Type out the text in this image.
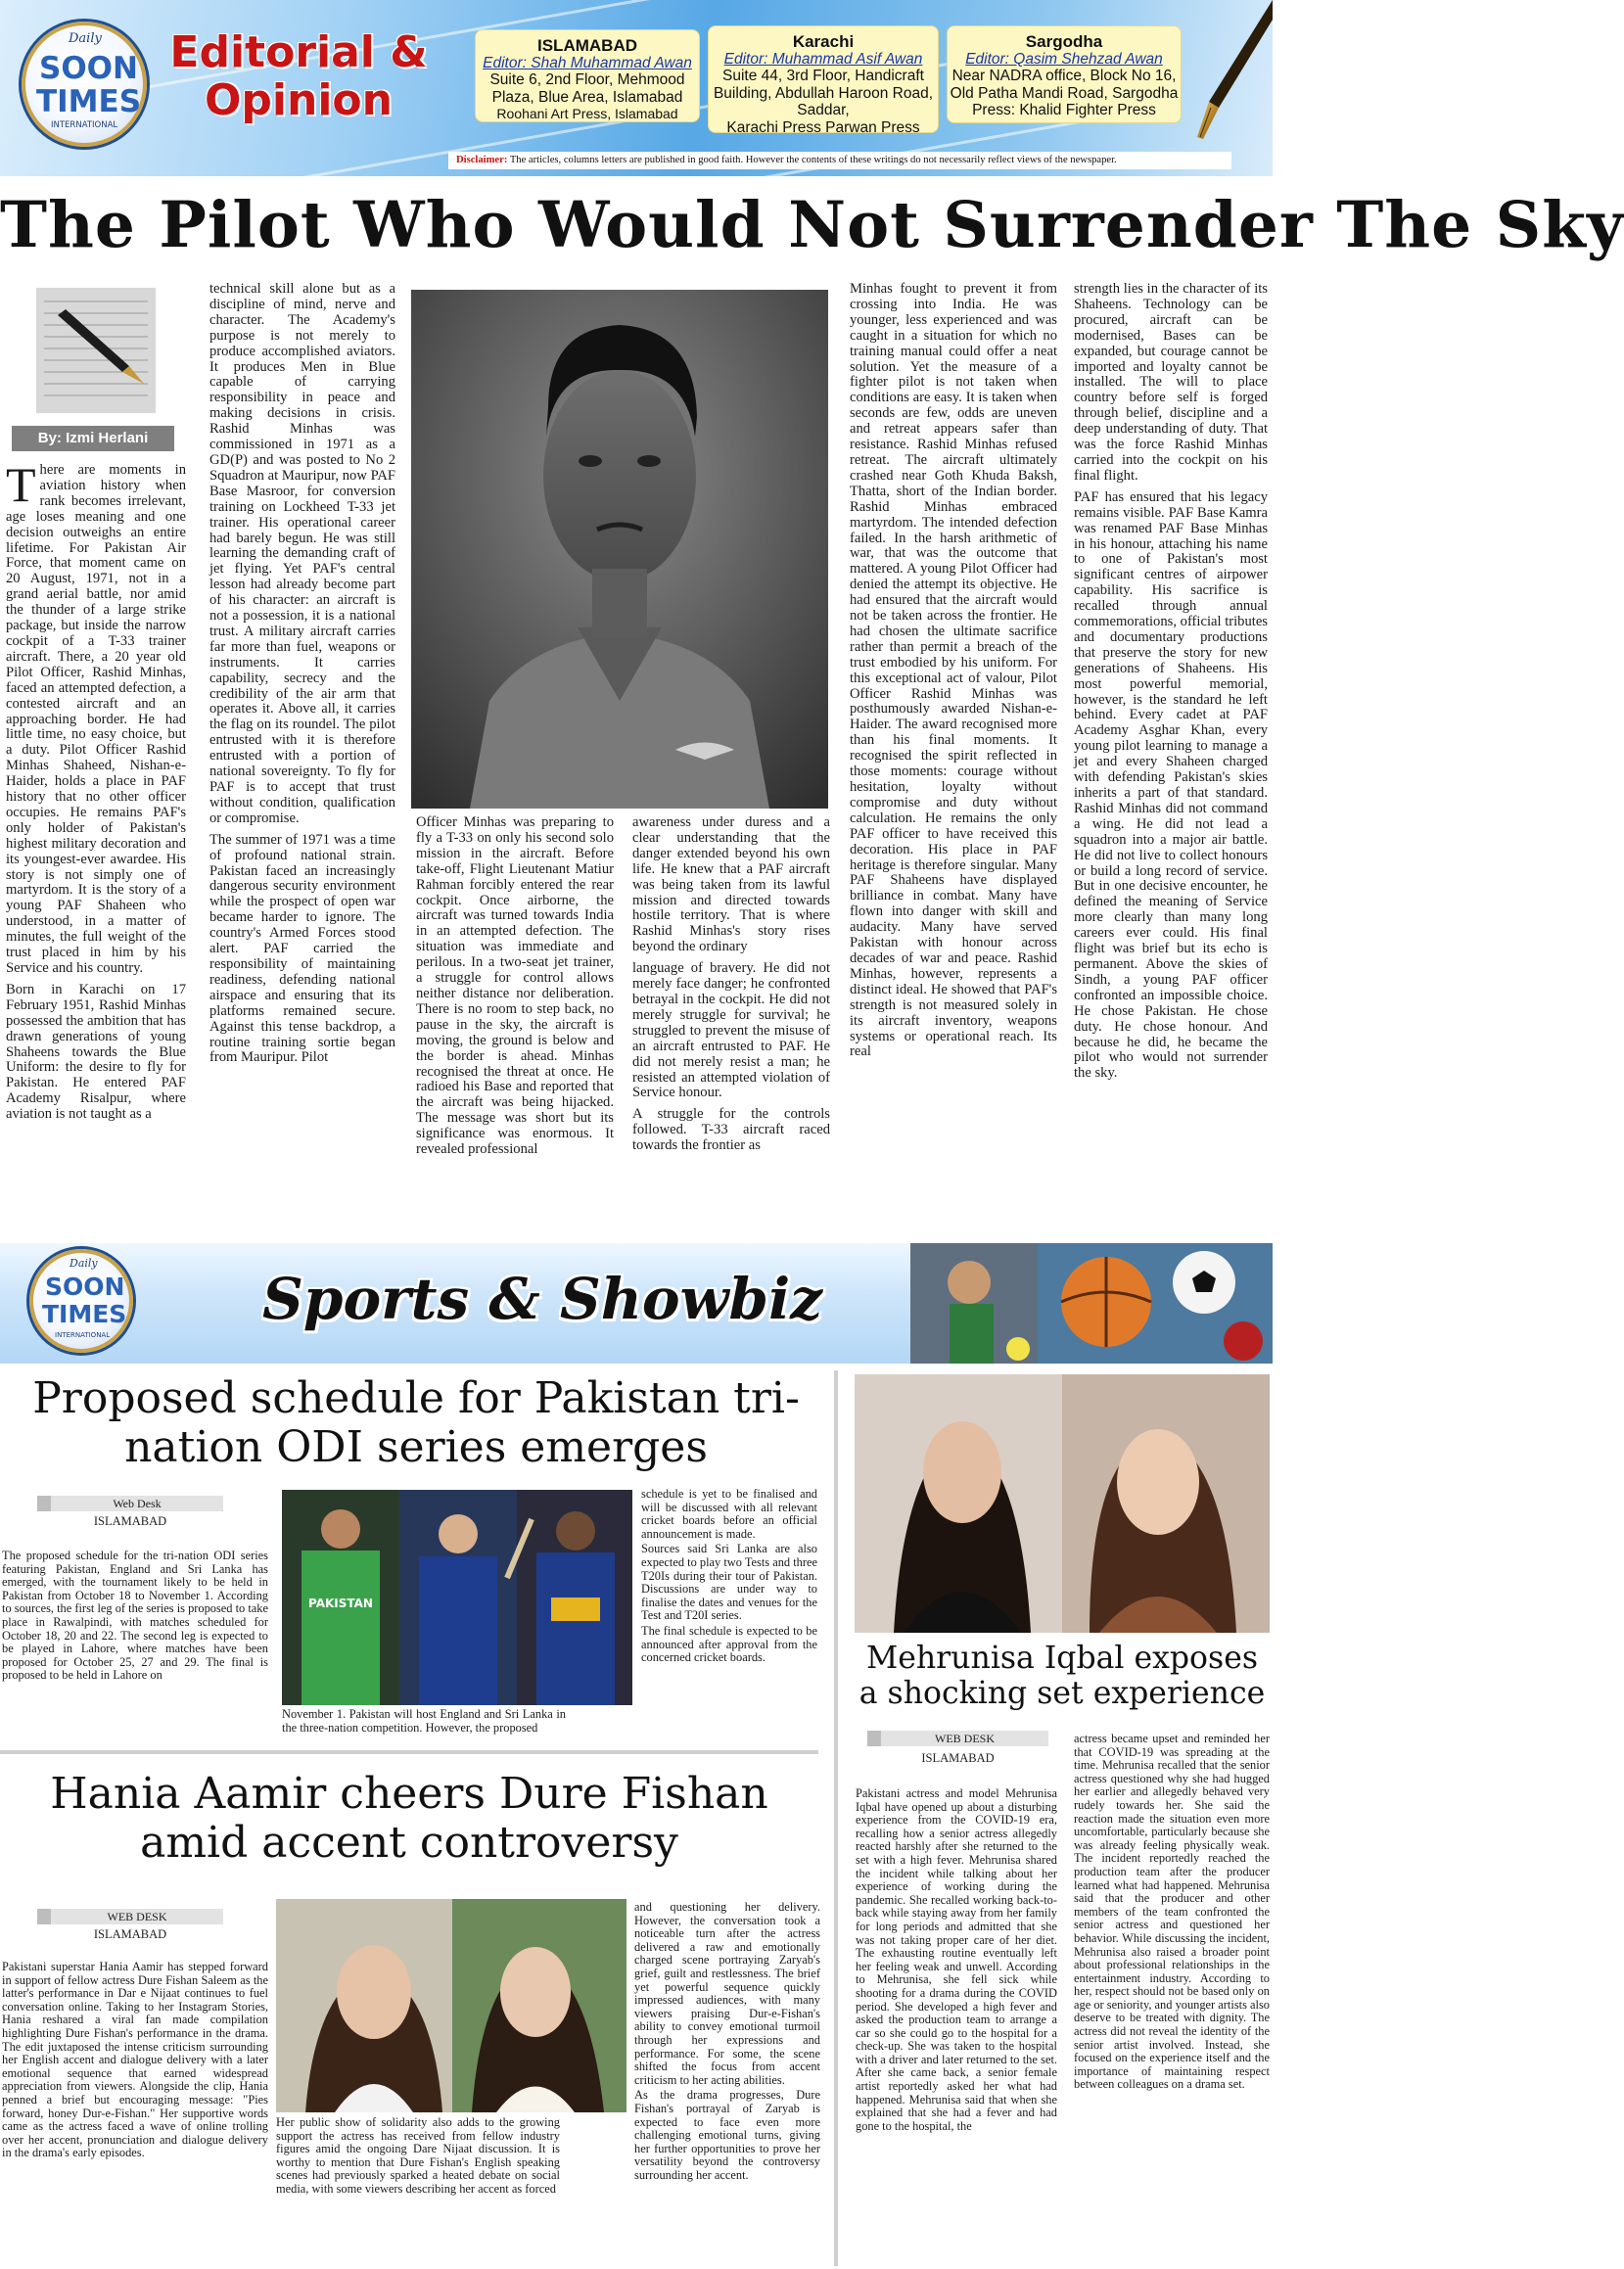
Daily
SOON
TIMES
INTERNATIONAL
Editorial &
Opinion
ISLAMABAD
Editor: Shah Muhammad Awan
Suite 6, 2nd Floor, Mehmood Plaza, Blue Area, Islamabad
Roohani Art Press, Islamabad
Karachi
Editor: Muhammad Asif Awan
Suite 44, 3rd Floor, Handicraft Building, Abdullah Haroon Road, Saddar,
Karachi Press Parwan Press
Sargodha
Editor: Qasim Shehzad Awan
Near NADRA office, Block No 16, Old Patha Mandi Road, Sargodha
Press: Khalid Fighter Press
Disclaimer: The articles, columns letters are published in good faith. However the contents of these writings do not necessarily reflect views of the newspaper.
The Pilot Who Would Not Surrender The Sky
By: Izmi Herlani

There are moments in aviation history when rank becomes irrelevant, age loses meaning and one decision outweighs an entire lifetime. For Pakistan Air Force, that moment came on 20 August, 1971, not in a grand aerial battle, nor amid the thunder of a large strike package, but inside the narrow cockpit of a T-33 trainer aircraft. There, a 20 year old Pilot Officer, Rashid Minhas, faced an attempted defection, a contested aircraft and an approaching border. He had little time, no easy choice, but a duty. Pilot Officer Rashid Minhas Shaheed, Nishan-e-Haider, holds a place in PAF history that no other officer occupies. He remains PAF's only holder of Pakistan's highest military decoration and its youngest-ever awardee. His story is not simply one of martyrdom. It is the story of a young PAF Shaheen who understood, in a matter of minutes, the full weight of the trust placed in him by his Service and his country.

Born in Karachi on 17 February 1951, Rashid Minhas possessed the ambition that has drawn generations of young Shaheens towards the Blue Uniform: the desire to fly for Pakistan. He entered PAF Academy Risalpur, where aviation is not taught as a

technical skill alone but as a discipline of mind, nerve and character. The Academy's purpose is not merely to produce accomplished aviators. It produces Men in Blue capable of carrying responsibility in peace and making decisions in crisis. Rashid Minhas was commissioned in 1971 as a GD(P) and was posted to No 2 Squadron at Mauripur, now PAF Base Masroor, for conversion training on Lockheed T-33 jet trainer. His operational career had barely begun. He was still learning the demanding craft of jet flying. Yet PAF's central lesson had already become part of his character: an aircraft is not a possession, it is a national trust. A military aircraft carries far more than fuel, weapons or instruments. It carries capability, secrecy and the credibility of the air arm that operates it. Above all, it carries the flag on its roundel. The pilot entrusted with it is therefore entrusted with a portion of national sovereignty. To fly for PAF is to accept that trust without condition, qualification or compromise.

The summer of 1971 was a time of profound national strain. Pakistan faced an increasingly dangerous security environment while the prospect of open war became harder to ignore. The country's Armed Forces stood alert. PAF carried the responsibility of maintaining readiness, defending national airspace and ensuring that its platforms remained secure. Against this tense backdrop, a routine training sortie began from Mauripur. Pilot

Officer Minhas was preparing to fly a T-33 on only his second solo mission in the aircraft. Before take-off, Flight Lieutenant Matiur Rahman forcibly entered the rear cockpit. Once airborne, the aircraft was turned towards India in an attempted defection. The situation was immediate and perilous. In a two-seat jet trainer, a struggle for control allows neither distance nor deliberation. There is no room to step back, no pause in the sky, the aircraft is moving, the ground is below and the border is ahead. Minhas recognised the threat at once. He radioed his Base and reported that the aircraft was being hijacked. The message was short but its significance was enormous. It revealed professional

awareness under duress and a clear understanding that the danger extended beyond his own life. He knew that a PAF aircraft was being taken from its lawful mission and directed towards hostile territory. That is where Rashid Minhas's story rises beyond the ordinary

language of bravery. He did not merely face danger; he confronted betrayal in the cockpit. He did not merely struggle for survival; he struggled to prevent the misuse of an aircraft entrusted to PAF. He did not merely resist a man; he resisted an attempted violation of Service honour.

A struggle for the controls followed. T-33 aircraft raced towards the frontier as

Minhas fought to prevent it from crossing into India. He was younger, less experienced and was caught in a situation for which no training manual could offer a neat solution. Yet the measure of a fighter pilot is not taken when conditions are easy. It is taken when seconds are few, odds are uneven and retreat appears safer than resistance. Rashid Minhas refused retreat. The aircraft ultimately crashed near Goth Khuda Baksh, Thatta, short of the Indian border. Rashid Minhas embraced martyrdom. The intended defection failed. In the harsh arithmetic of war, that was the outcome that mattered. A young Pilot Officer had denied the attempt its objective. He had ensured that the aircraft would not be taken across the frontier. He had chosen the ultimate sacrifice rather than permit a breach of the trust embodied by his uniform. For this exceptional act of valour, Pilot Officer Rashid Minhas was posthumously awarded Nishan-e-Haider. The award recognised more than his final moments. It recognised the spirit reflected in those moments: courage without hesitation, loyalty without compromise and duty without calculation. He remains the only PAF officer to have received this decoration. His place in PAF heritage is therefore singular. Many PAF Shaheens have displayed brilliance in combat. Many have flown into danger with skill and audacity. Many have served Pakistan with honour across decades of war and peace. Rashid Minhas, however, represents a distinct ideal. He showed that PAF's strength is not measured solely in its aircraft inventory, weapons systems or operational reach. Its real

strength lies in the character of its Shaheens. Technology can be procured, aircraft can be modernised, Bases can be expanded, but courage cannot be imported and loyalty cannot be installed. The will to place country before self is forged through belief, discipline and a deep understanding of duty. That was the force Rashid Minhas carried into the cockpit on his final flight.

PAF has ensured that his legacy remains visible. PAF Base Kamra was renamed PAF Base Minhas in his honour, attaching his name to one of Pakistan's most significant centres of airpower capability. His sacrifice is recalled through annual commemorations, official tributes and documentary productions that preserve the story for new generations of Shaheens. His most powerful memorial, however, is the standard he left behind. Every cadet at PAF Academy Asghar Khan, every young pilot learning to manage a jet and every Shaheen charged with defending Pakistan's skies inherits a part of that standard. Rashid Minhas did not command a wing. He did not lead a squadron into a major air battle. He did not live to collect honours or build a long record of service. But in one decisive encounter, he defined the meaning of Service more clearly than many long careers ever could. His final flight was brief but its echo is permanent. Above the skies of Sindh, a young PAF officer confronted an impossible choice. He chose Pakistan. He chose duty. He chose honour. And because he did, he became the pilot who would not surrender the sky.

Daily
SOON
TIMES
INTERNATIONAL
Sports & Showbiz
Proposed schedule for Pakistan tri-
nation ODI series emerges
Web Desk
ISLAMABAD

The proposed schedule for the tri-nation ODI series featuring Pakistan, England and Sri Lanka has emerged, with the tournament likely to be held in Pakistan from October 18 to November 1. According to sources, the first leg of the series is proposed to take place in Rawalpindi, with matches scheduled for October 18, 20 and 22. The second leg is expected to be played in Lahore, where matches have been proposed for October 25, 27 and 29. The final is proposed to be held in Lahore on

PAKISTAN

November 1. Pakistan will host England and Sri Lanka in the three-nation competition. However, the proposed

schedule is yet to be finalised and will be discussed with all relevant cricket boards before an official announcement is made.

Sources said Sri Lanka are also expected to play two Tests and three T20Is during their tour of Pakistan. Discussions are under way to finalise the dates and venues for the Test and T20I series.

The final schedule is expected to be announced after approval from the concerned cricket boards.

Hania Aamir cheers Dure Fishan
amid accent controversy
WEB DESK
ISLAMABAD

Pakistani superstar Hania Aamir has stepped forward in support of fellow actress Dure Fishan Saleem as the latter's performance in Dar e Nijaat continues to fuel conversation online. Taking to her Instagram Stories, Hania reshared a viral fan made compilation highlighting Dure Fishan's performance in the drama. The edit juxtaposed the intense criticism surrounding her English accent and dialogue delivery with a later emotional sequence that earned widespread appreciation from viewers. Alongside the clip, Hania penned a brief but encouraging message: "Pies forward, honey Dur-e-Fishan." Her supportive words came as the actress faced a wave of online trolling over her accent, pronunciation and dialogue delivery in the drama's early episodes.

Her public show of solidarity also adds to the growing support the actress has received from fellow industry figures amid the ongoing Dare Nijaat discussion. It is worthy to mention that Dure Fishan's English speaking scenes had previously sparked a heated debate on social media, with some viewers describing her accent as forced

and questioning her delivery. However, the conversation took a noticeable turn after the actress delivered a raw and emotionally charged scene portraying Zaryab's grief, guilt and restlessness. The brief yet powerful sequence quickly impressed audiences, with many viewers praising Dur-e-Fishan's ability to convey emotional turmoil through her expressions and performance. For some, the scene shifted the focus from accent criticism to her acting abilities.

As the drama progresses, Dure Fishan's portrayal of Zaryab is expected to face even more challenging emotional turns, giving her further opportunities to prove her versatility beyond the controversy surrounding her accent.

Mehrunisa Iqbal exposes
a shocking set experience
WEB DESK
ISLAMABAD

Pakistani actress and model Mehrunisa Iqbal have opened up about a disturbing experience from the COVID-19 era, recalling how a senior actress allegedly reacted harshly after she returned to the set with a high fever. Mehrunisa shared the incident while talking about her experience of working during the pandemic. She recalled working back-to-back while staying away from her family for long periods and admitted that she was not taking proper care of her diet. The exhausting routine eventually left her feeling weak and unwell. According to Mehrunisa, she fell sick while shooting for a drama during the COVID period. She developed a high fever and asked the production team to arrange a car so she could go to the hospital for a check-up. She was taken to the hospital with a driver and later returned to the set. After she came back, a senior female artist reportedly asked her what had happened. Mehrunisa said that when she explained that she had a fever and had gone to the hospital, the

actress became upset and reminded her that COVID-19 was spreading at the time. Mehrunisa recalled that the senior actress questioned why she had hugged her earlier and allegedly behaved very rudely towards her. She said the reaction made the situation even more uncomfortable, particularly because she was already feeling physically weak. The incident reportedly reached the production team after the producer learned what had happened. Mehrunisa said that the producer and other members of the team confronted the senior actress and questioned her behavior. While discussing the incident, Mehrunisa also raised a broader point about professional relationships in the entertainment industry. According to her, respect should not be based only on age or seniority, and younger artists also deserve to be treated with dignity. The actress did not reveal the identity of the senior artist involved. Instead, she focused on the experience itself and the importance of maintaining respect between colleagues on a drama set.
